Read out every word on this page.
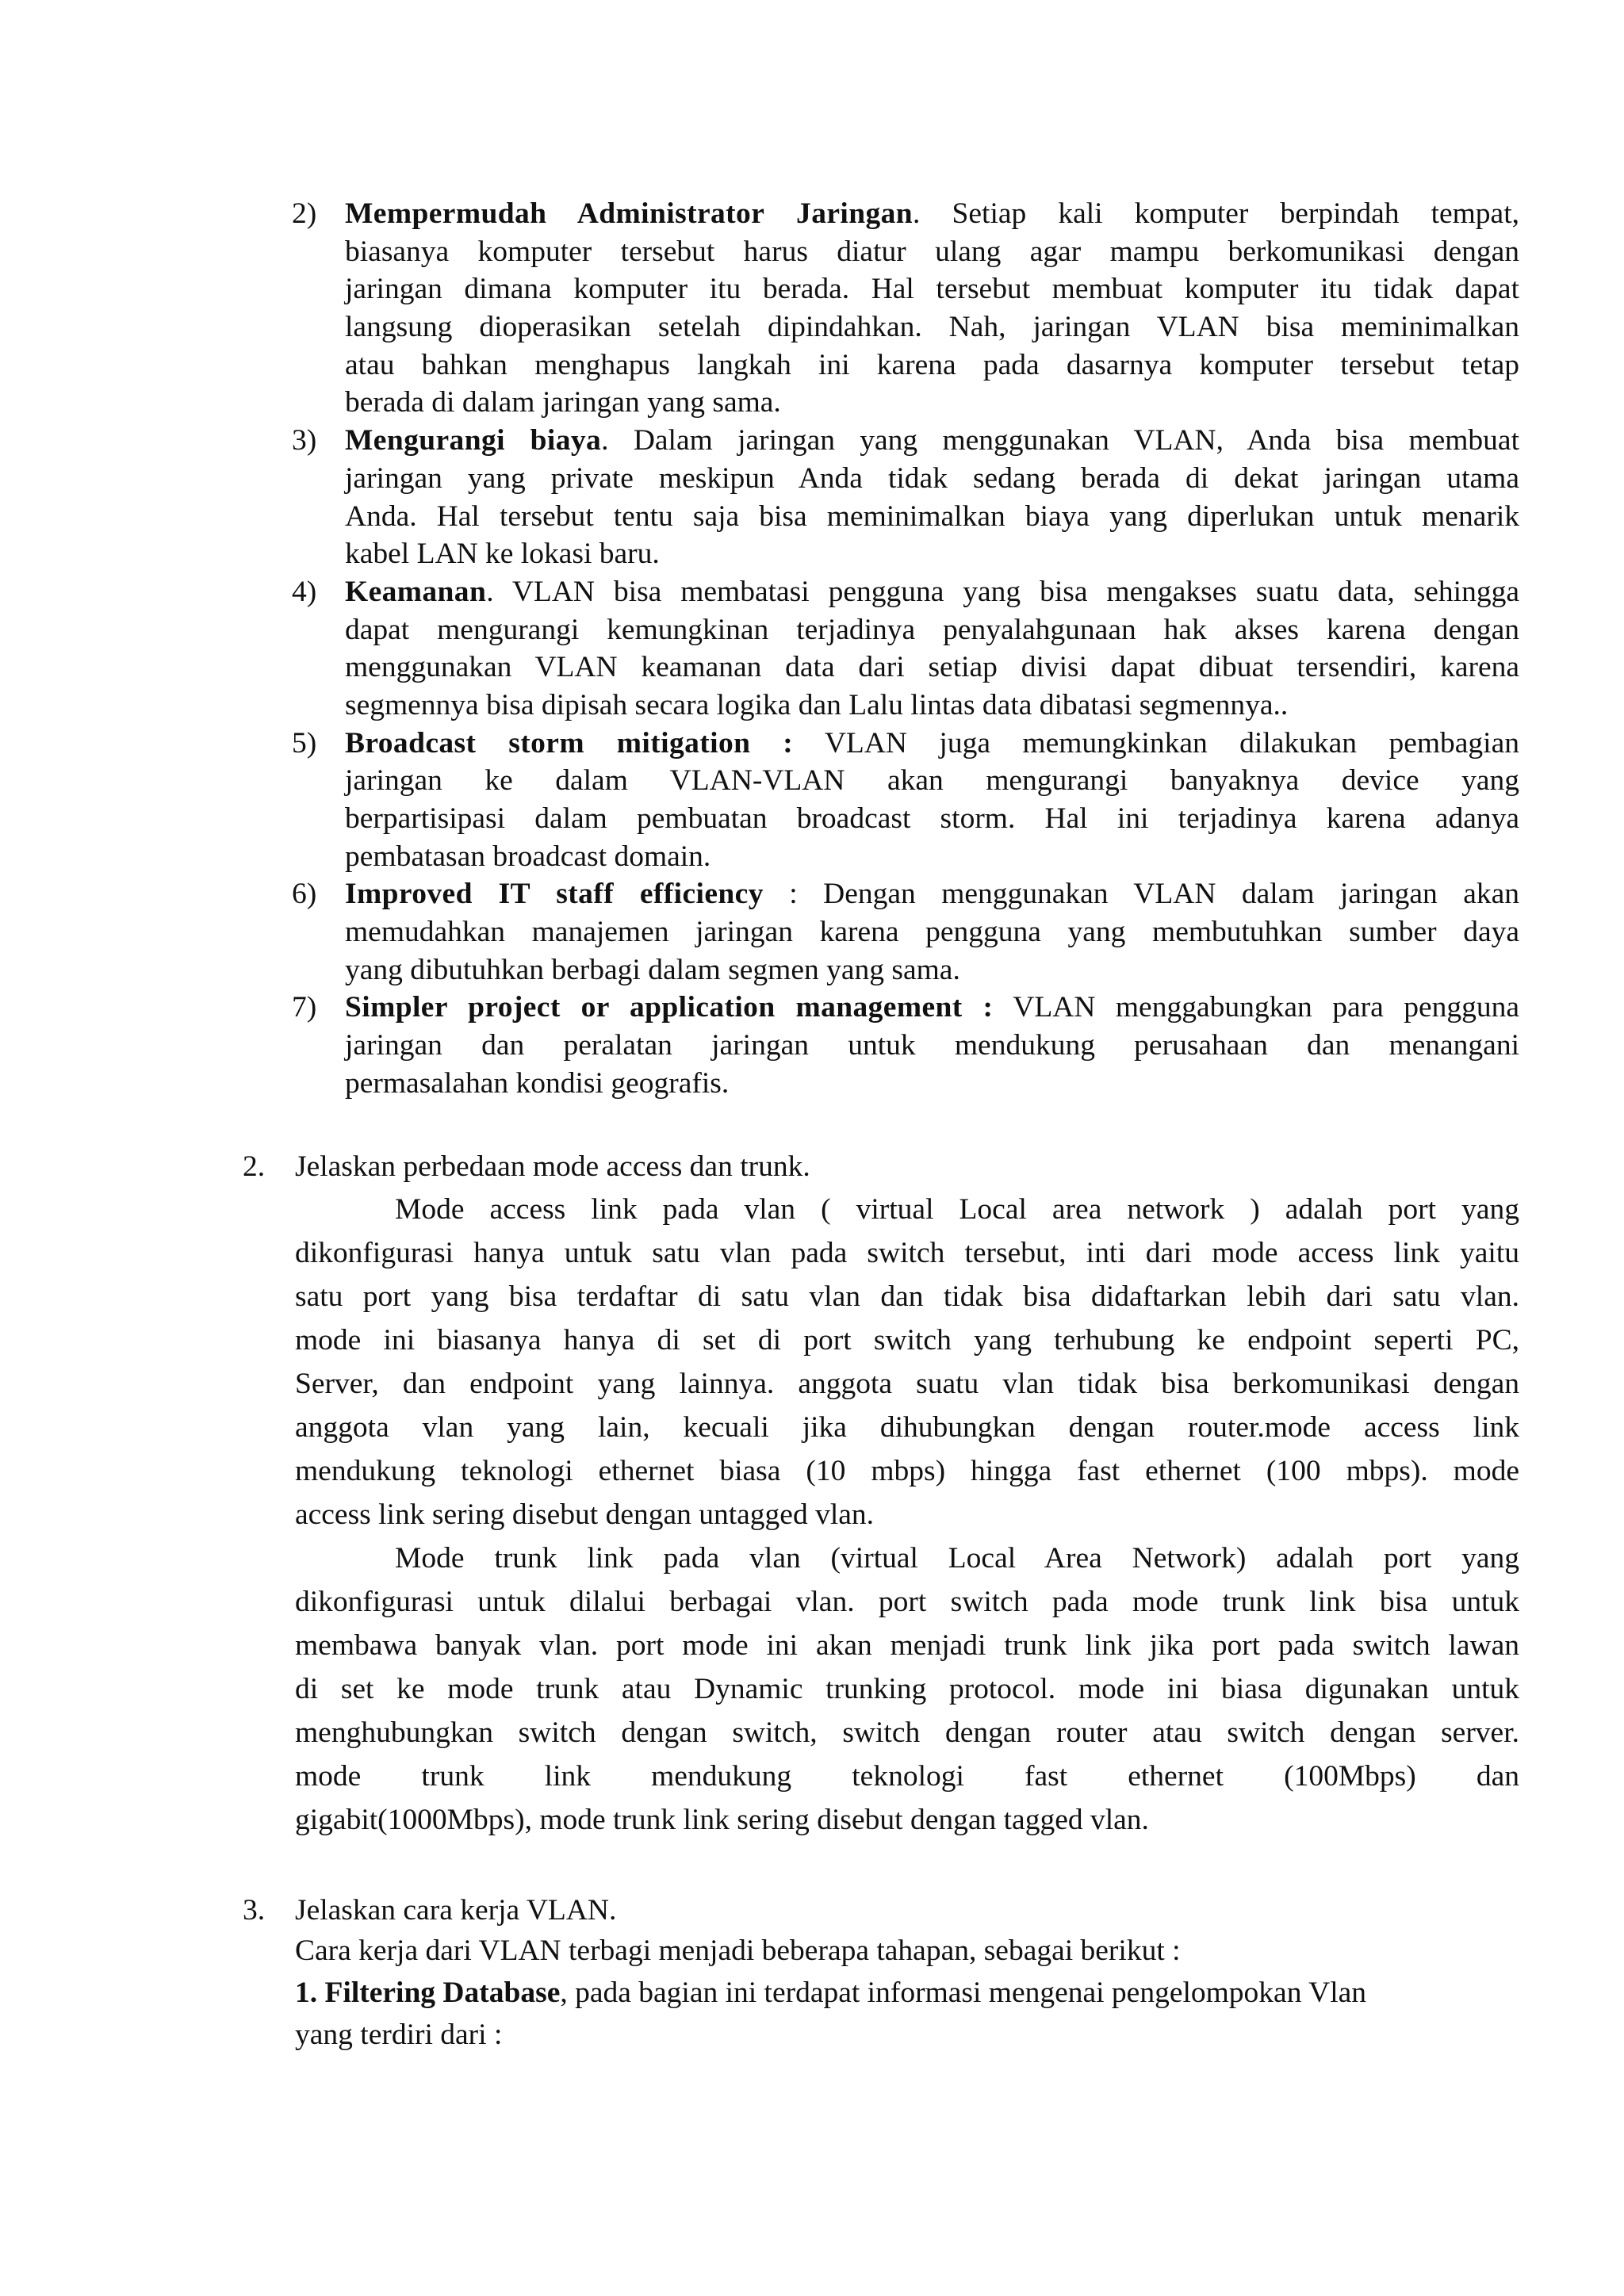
2) Mempermudah Administrator Jaringan. Setiap kali komputer berpindah tempat,
biasanya komputer tersebut harus diatur ulang agar mampu berkomunikasi dengan
jaringan dimana komputer itu berada. Hal tersebut membuat komputer itu tidak dapat
langsung dioperasikan setelah dipindahkan. Nah, jaringan VLAN bisa meminimalkan
atau bahkan menghapus langkah ini karena pada dasarnya komputer tersebut tetap
berada di dalam jaringan yang sama.
3) Mengurangi biaya. Dalam jaringan yang menggunakan VLAN, Anda bisa membuat
jaringan yang private meskipun Anda tidak sedang berada di dekat jaringan utama
Anda. Hal tersebut tentu saja bisa meminimalkan biaya yang diperlukan untuk menarik
kabel LAN ke lokasi baru.
4) Keamanan. VLAN bisa membatasi pengguna yang bisa mengakses suatu data, sehingga
dapat mengurangi kemungkinan terjadinya penyalahgunaan hak akses karena dengan
menggunakan VLAN keamanan data dari setiap divisi dapat dibuat tersendiri, karena
segmennya bisa dipisah secara logika dan Lalu lintas data dibatasi segmennya..
5) Broadcast storm mitigation : VLAN juga memungkinkan dilakukan pembagian
jaringan ke dalam VLAN-VLAN akan mengurangi banyaknya device yang
berpartisipasi dalam pembuatan broadcast storm. Hal ini terjadinya karena adanya
pembatasan broadcast domain.
6) Improved IT staff efficiency : Dengan menggunakan VLAN dalam jaringan akan
memudahkan manajemen jaringan karena pengguna yang membutuhkan sumber daya
yang dibutuhkan berbagi dalam segmen yang sama.
7) Simpler project or application management : VLAN menggabungkan para pengguna
jaringan dan peralatan jaringan untuk mendukung perusahaan dan menangani
permasalahan kondisi geografis.
2. Jelaskan perbedaan mode access dan trunk.
Mode access link pada vlan ( virtual Local area network ) adalah port yang
dikonfigurasi hanya untuk satu vlan pada switch tersebut, inti dari mode access link yaitu
satu port yang bisa terdaftar di satu vlan dan tidak bisa didaftarkan lebih dari satu vlan.
mode ini biasanya hanya di set di port switch yang terhubung ke endpoint seperti PC,
Server, dan endpoint yang lainnya. anggota suatu vlan tidak bisa berkomunikasi dengan
anggota vlan yang lain, kecuali jika dihubungkan dengan router.mode access link
mendukung teknologi ethernet biasa (10 mbps) hingga fast ethernet (100 mbps). mode
access link sering disebut dengan untagged vlan.
Mode trunk link pada vlan (virtual Local Area Network) adalah port yang
dikonfigurasi untuk dilalui berbagai vlan. port switch pada mode trunk link bisa untuk
membawa banyak vlan. port mode ini akan menjadi trunk link jika port pada switch lawan
di set ke mode trunk atau Dynamic trunking protocol. mode ini biasa digunakan untuk
menghubungkan switch dengan switch, switch dengan router atau switch dengan server.
mode trunk link mendukung teknologi fast ethernet (100Mbps) dan
gigabit(1000Mbps), mode trunk link sering disebut dengan tagged vlan.
3. Jelaskan cara kerja VLAN.
Cara kerja dari VLAN terbagi menjadi beberapa tahapan, sebagai berikut :
1. Filtering Database, pada bagian ini terdapat informasi mengenai pengelompokan Vlan
yang terdiri dari :
